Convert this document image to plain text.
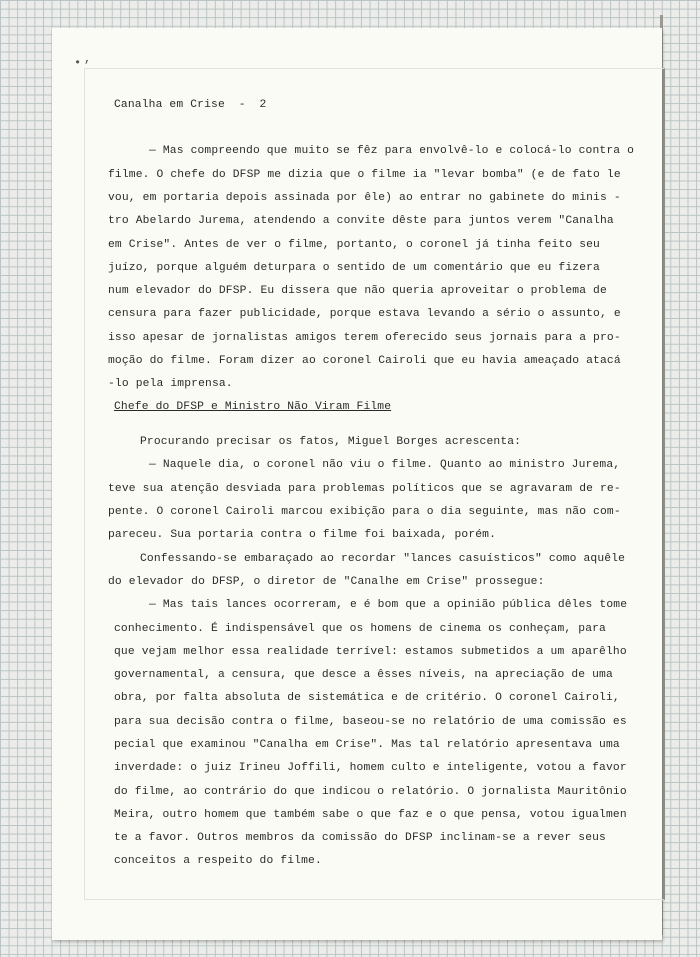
,
•
Canalha em Crise  -  2
— Mas compreendo que muito se fêz para envolvê-lo e colocá-lo contra o
filme. O chefe do DFSP me dizia que o filme ia "levar bomba" (e de fato le
vou, em portaria depois assinada por êle) ao entrar no gabinete do minis -
tro Abelardo Jurema, atendendo a convite dêste para juntos verem "Canalha
em Crise". Antes de ver o filme, portanto, o coronel já tinha feito seu
juízo, porque alguém deturpara o sentido de um comentário que eu fizera
num elevador do DFSP. Eu dissera que não queria aproveitar o problema de
censura para fazer publicidade, porque estava levando a sério o assunto, e
isso apesar de jornalistas amigos terem oferecido seus jornais para a pro-
moção do filme. Foram dizer ao coronel Cairoli que eu havia ameaçado atacá
-lo pela imprensa.
Chefe do DFSP e Ministro Não Viram Filme
Procurando precisar os fatos, Miguel Borges acrescenta:
— Naquele dia, o coronel não viu o filme. Quanto ao ministro Jurema,
teve sua atenção desviada para problemas políticos que se agravaram de re-
pente. O coronel Cairoli marcou exibição para o dia seguinte, mas não com-
pareceu. Sua portaria contra o filme foi baixada, porém.
Confessando-se embaraçado ao recordar "lances casuísticos" como aquêle
do elevador do DFSP, o diretor de "Canalhe em Crise" prossegue:
— Mas tais lances ocorreram, e é bom que a opinião pública dêles tome
conhecimento. É indispensável que os homens de cinema os conheçam, para
que vejam melhor essa realidade terrível: estamos submetidos a um aparêlho
governamental, a censura, que desce a êsses níveis, na apreciação de uma
obra, por falta absoluta de sistemática e de critério. O coronel Cairoli,
para sua decisão contra o filme, baseou-se no relatório de uma comissão es
pecial que examinou "Canalha em Crise". Mas tal relatório apresentava uma
inverdade: o juiz Irineu Joffili, homem culto e inteligente, votou a favor
do filme, ao contrário do que indicou o relatório. O jornalista Mauritônio
Meira, outro homem que também sabe o que faz e o que pensa, votou igualmen
te a favor. Outros membros da comissão do DFSP inclinam-se a rever seus
conceitos a respeito do filme.
